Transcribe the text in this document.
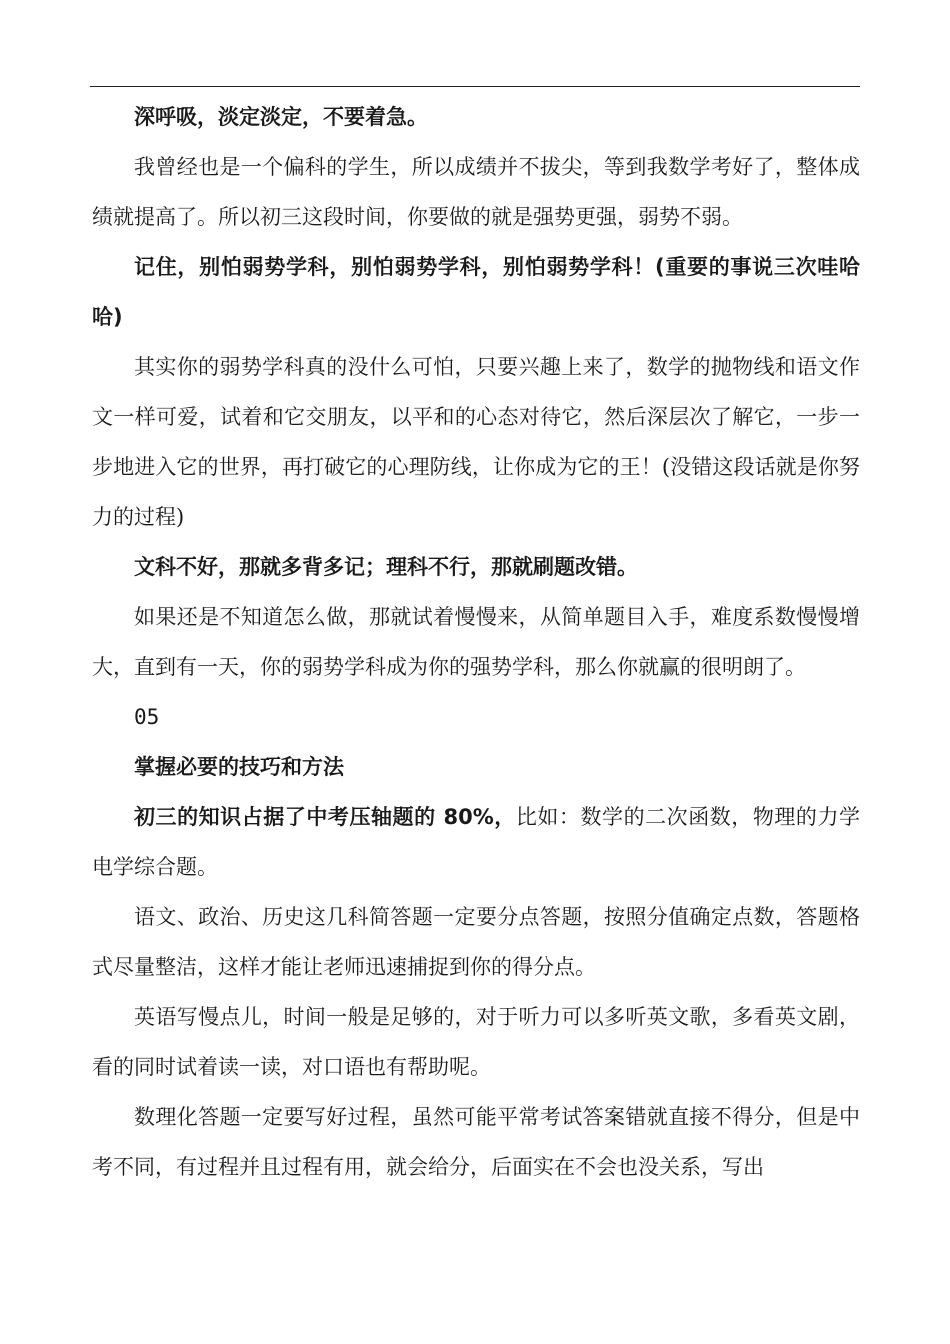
深呼吸，淡定淡定，不要着急。

我曾经也是一个偏科的学生，所以成绩并不拔尖，等到我数学考好了，整体成绩就提高了。所以初三这段时间，你要做的就是强势更强，弱势不弱。

记住，别怕弱势学科，别怕弱势学科，别怕弱势学科！(重要的事说三次哇哈哈)

其实你的弱势学科真的没什么可怕，只要兴趣上来了，数学的抛物线和语文作文一样可爱，试着和它交朋友，以平和的心态对待它，然后深层次了解它，一步一步地进入它的世界，再打破它的心理防线，让你成为它的王！(没错这段话就是你努力的过程)

文科不好，那就多背多记；理科不行，那就刷题改错。

如果还是不知道怎么做，那就试着慢慢来，从简单题目入手，难度系数慢慢增大，直到有一天，你的弱势学科成为你的强势学科，那么你就赢的很明朗了。

05

掌握必要的技巧和方法

初三的知识占据了中考压轴题的 80%，比如：数学的二次函数，物理的力学电学综合题。

语文、政治、历史这几科简答题一定要分点答题，按照分值确定点数，答题格式尽量整洁，这样才能让老师迅速捕捉到你的得分点。

英语写慢点儿，时间一般是足够的，对于听力可以多听英文歌，多看英文剧，看的同时试着读一读，对口语也有帮助呢。

数理化答题一定要写好过程，虽然可能平常考试答案错就直接不得分，但是中考不同，有过程并且过程有用，就会给分，后面实在不会也没关系，写出
